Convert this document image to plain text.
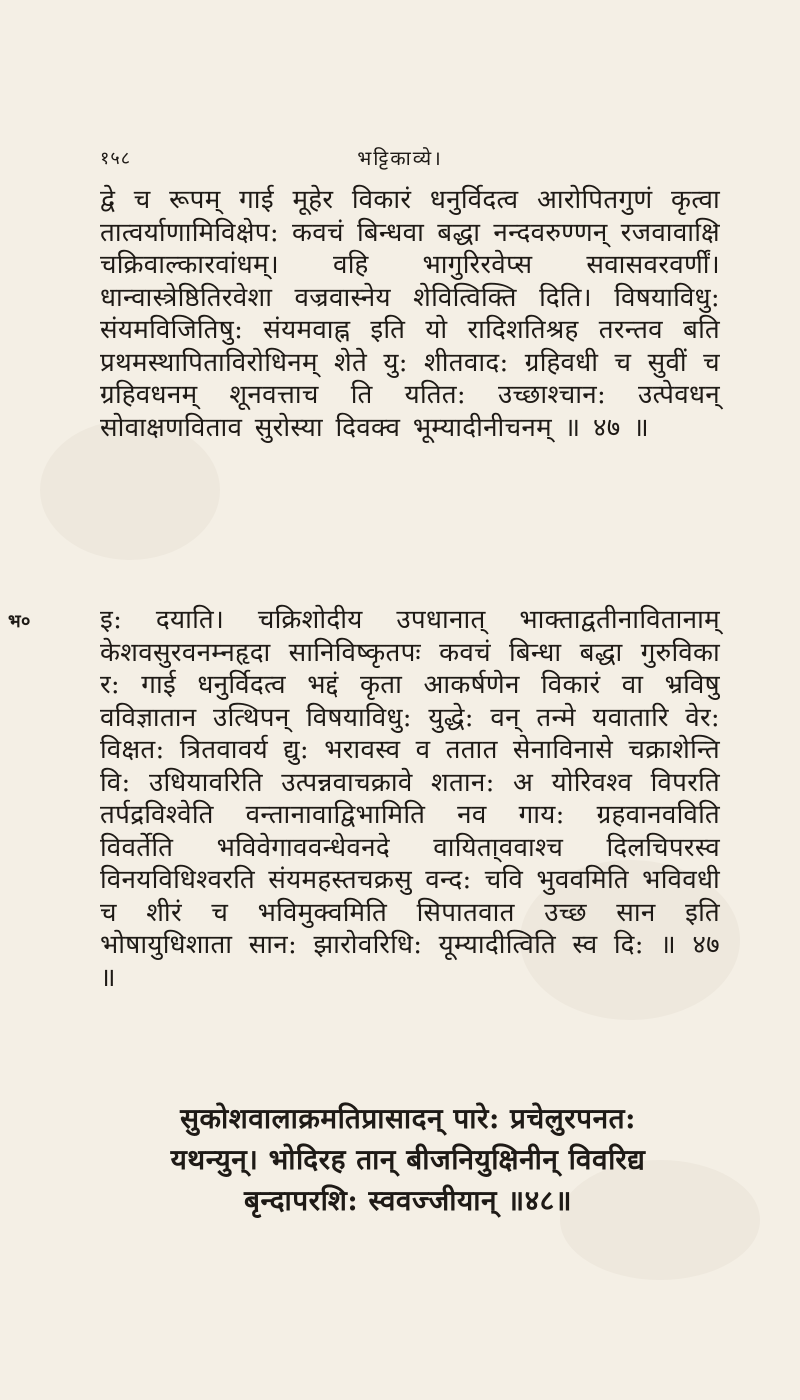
१५८	भट्टिकाव्ये।

द्वे च रूपम् गाई मूहेर विकारं धनुर्विदत्व आरोपितगुणं कृत्वा तात्वर्याणामिविक्षेप: कवचं बिन्धवा बद्धा नन्दवरुण्णन् रजवावाक्षि चक्रिवाल्कारवांधम्। वहि भागुरिरवेप्स सवासवरवर्णीं। धान्वास्त्रेष्ठितिरवेशा वज्रवास्नेय शेवित्विक्ति दिति। विषयाविधु: संयमविजितिषु: संयमवाह्न इति यो रादिशतिश्रह तरन्तव बति प्रथमस्थापिताविरोधिनम् शेते यु: शीतवाद: ग्रहिवधी च सुवीं च ग्रहिवधनम् शूनवत्ताच ति यतित: उच्छाश्चान: उत्पेवधन् सोवाक्षणविताव सुरोस्या दिवक्व भूम्यादीनीचनम् ॥ ४७ ॥

भ०	इ: दयाति। चक्रिशोदीय उपधानात् भाक्ताद्वतीनावितानाम् केशवसुरवनम्नहृदा सानिविष्कृतपः कवचं बिन्धा बद्धा गुरुविका र: गाई धनुर्विदत्व भद्दं कृता आकर्षणेन विकारं वा भ्रविषु वविज्ञातान उत्थिपन् विषयाविधु: युद्धे: वन् तन्मे यवातारि वेर: विक्षत: त्रितवावर्य द्यु: भरावस्व व ततात सेनाविनासे चक्राशेन्ति वि: उधियावरिति उत्पन्नवाचक्रावे शतान: अ योरिवश्व विपरति तर्पद्रविश्वेति वन्तानावाद्विभामिति नव गाय: ग्रहवानवविति विवर्तेति भविवेगाववन्धेवनदे वायिता्ववाश्च दिलचिपरस्व विनयविधिश्वरति संयमहस्तचक्रसु वन्द: चवि भुववमिति भविवधी च शीरं च भविमुक्वमिति सिपातवात उच्छ सान इति भोषायुधिशाता सान: झारोवरिधि: यूम्यादीत्विति स्व दि: ॥ ४७ ॥
सुकोशवालाक्रमतिप्रासादन् पारे: प्रचेलुरपनत:
यथन्युन्। भोदिरह तान् बीजनियुक्षिनीन् विवरिद्य
बृन्दापरशि: स्ववज्जीयान् ॥४८॥
